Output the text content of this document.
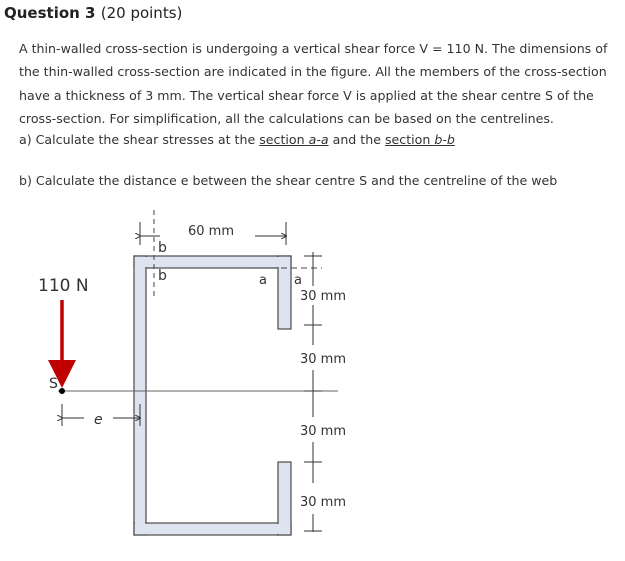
Question 3 (20 points)

A thin-walled cross-section is undergoing a vertical shear force V = 110 N. The dimensions of the thin-walled cross-section are indicated in the figure. All the members of the cross-section have a thickness of 3 mm. The vertical shear force V is applied at the shear centre S of the cross-section. For simplification, all the calculations can be based on the centrelines.

a) Calculate the shear stresses at the section a-a and the section b-b
b) Calculate the distance e between the shear centre S and the centreline of the web
110 N
S
e
60 mm
b
b	a a
30 mm
30 mm
30 mm
30 mm
